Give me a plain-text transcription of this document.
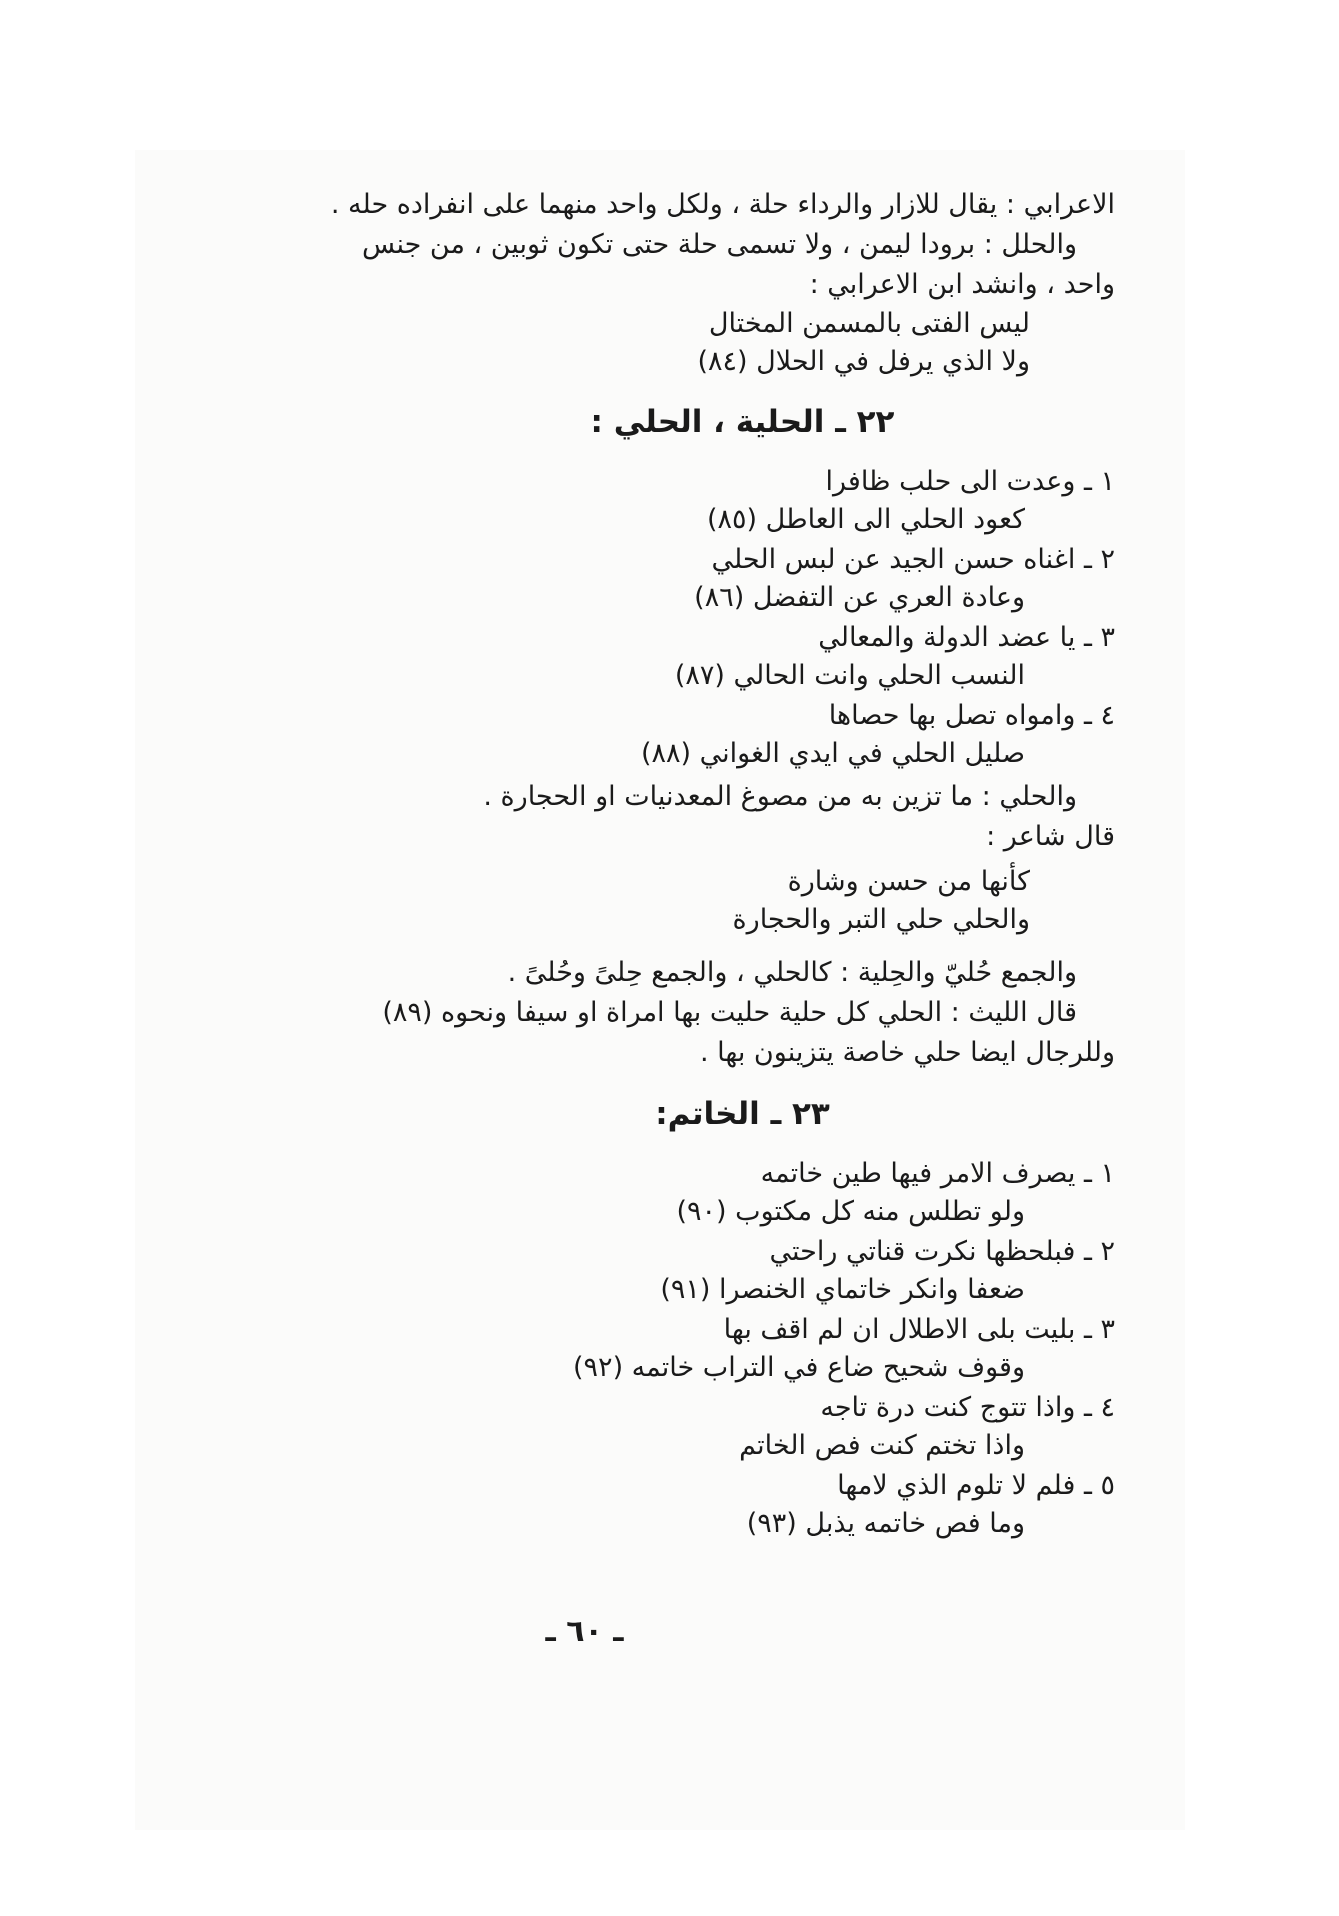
الاعرابي : يقال للازار والرداء حلة ، ولكل واحد منهما على انفراده حله .

والحلل : برودا ليمن ، ولا تسمى حلة حتى تكون ثوبين ، من جنس

واحد ، وانشد ابن الاعرابي :

ليس الفتى بالمسمن المختال

ولا الذي يرفل في الحلال (٨٤)

٢٢ ـ الحلية ، الحلي :

١ ـ وعدت الى حلب ظافرا

كعود الحلي الى العاطل (٨٥)

٢ ـ اغناه حسن الجيد عن لبس الحلي

وعادة العري عن التفضل (٨٦)

٣ ـ يا عضد الدولة والمعالي

النسب الحلي وانت الحالي (٨٧)

٤ ـ وامواه تصل بها حصاها

صليل الحلي في ايدي الغواني (٨٨)

والحلي : ما تزين به من مصوغ المعدنيات او الحجارة .

قال شاعر :

كأنها من حسن وشارة

والحلي حلي التبر والحجارة

والجمع حُليّ والحِلية : كالحلي ، والجمع حِلىً وحُلىً .

قال الليث : الحلي كل حلية حليت بها امراة او سيفا ونحوه (٨٩)

وللرجال ايضا حلي خاصة يتزينون بها .

٢٣ ـ الخاتم:

١ ـ يصرف الامر فيها طين خاتمه

ولو تطلس منه كل مكتوب (٩٠)

٢ ـ فبلحظها نكرت قناتي راحتي

ضعفا وانكر خاتماي الخنصرا (٩١)

٣ ـ بليت بلى الاطلال ان لم اقف بها

وقوف شحيح ضاع في التراب خاتمه (٩٢)

٤ ـ واذا تتوج كنت درة تاجه

واذا تختم كنت فص الخاتم

٥ ـ فلم لا تلوم الذي لامها

وما فص خاتمه يذبل (٩٣)

ـ ٦٠ ـ
